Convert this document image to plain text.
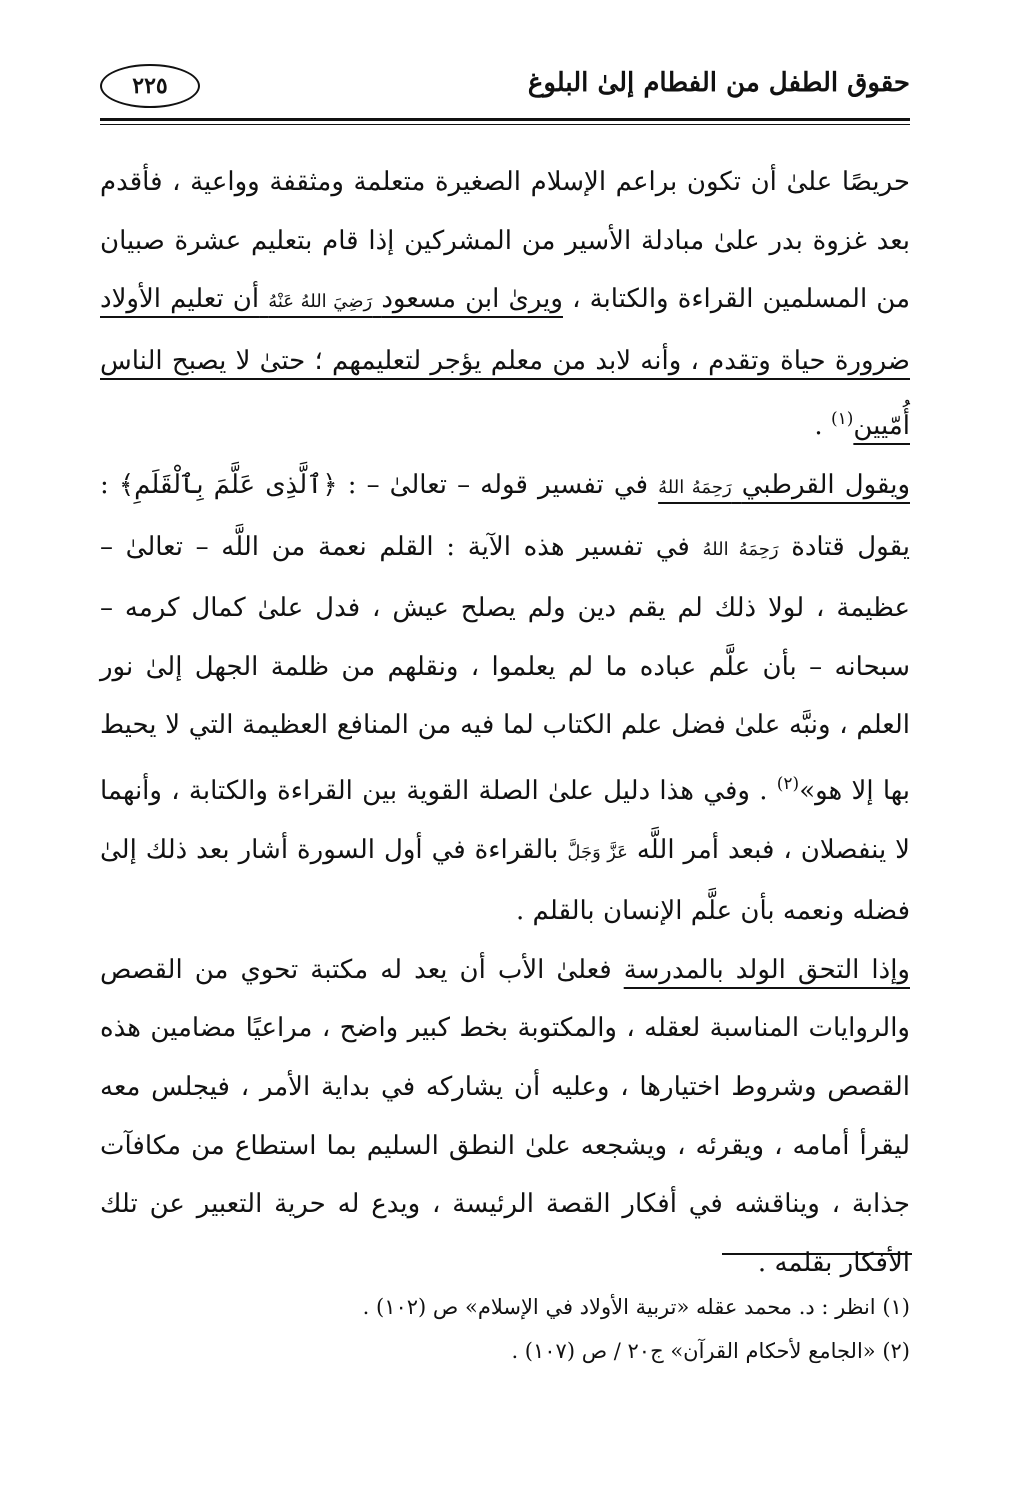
حقوق الطفل من الفطام إلىٰ البلوغ
٢٢٥

حريصًا علىٰ أن تكون براعم الإسلام الصغيرة متعلمة ومثقفة وواعية ، فأقدم بعد غزوة بدر علىٰ مبادلة الأسير من المشركين إذا قام بتعليم عشرة صبيان من المسلمين القراءة والكتابة ، ويرىٰ ابن مسعود رَضِيَ اللهُ عَنْهُ أن تعليم الأولاد ضرورة حياة وتقدم ، وأنه لابد من معلم يؤجر لتعليمهم ؛ حتىٰ لا يصبح الناس أُمّيين$^{(١)}$ .

ويقول القرطبي رَحِمَهُ اللهُ في تفسير قوله – تعالىٰ – : ﴿ٱلَّذِى عَلَّمَ بِٱلْقَلَمِ﴾ : يقول قتادة رَحِمَهُ اللهُ في تفسير هذه الآية : القلم نعمة من اللَّه – تعالىٰ – عظيمة ، لولا ذلك لم يقم دين ولم يصلح عيش ، فدل علىٰ كمال كرمه – سبحانه – بأن علَّم عباده ما لم يعلموا ، ونقلهم من ظلمة الجهل إلىٰ نور العلم ، ونبَّه علىٰ فضل علم الكتاب لما فيه من المنافع العظيمة التي لا يحيط بها إلا هو»$^{(٢)}$ . وفي هذا دليل علىٰ الصلة القوية بين القراءة والكتابة ، وأنهما لا ينفصلان ، فبعد أمر اللَّه عَزَّ وَجَلَّ بالقراءة في أول السورة أشار بعد ذلك إلىٰ فضله ونعمه بأن علَّم الإنسان بالقلم .

وإذا التحق الولد بالمدرسة فعلىٰ الأب أن يعد له مكتبة تحوي من القصص والروايات المناسبة لعقله ، والمكتوبة بخط كبير واضح ، مراعيًا مضامين هذه القصص وشروط اختيارها ، وعليه أن يشاركه في بداية الأمر ، فيجلس معه ليقرأ أمامه ، ويقرئه ، ويشجعه علىٰ النطق السليم بما استطاع من مكافآت جذابة ، ويناقشه في أفكار القصة الرئيسة ، ويدع له حرية التعبير عن تلك الأفكار بقلمه .

(١) انظر : د. محمد عقله «تربية الأولاد في الإسلام» ص (١٠٢) .

(٢) «الجامع لأحكام القرآن» ج٢٠ / ص (١٠٧) .
